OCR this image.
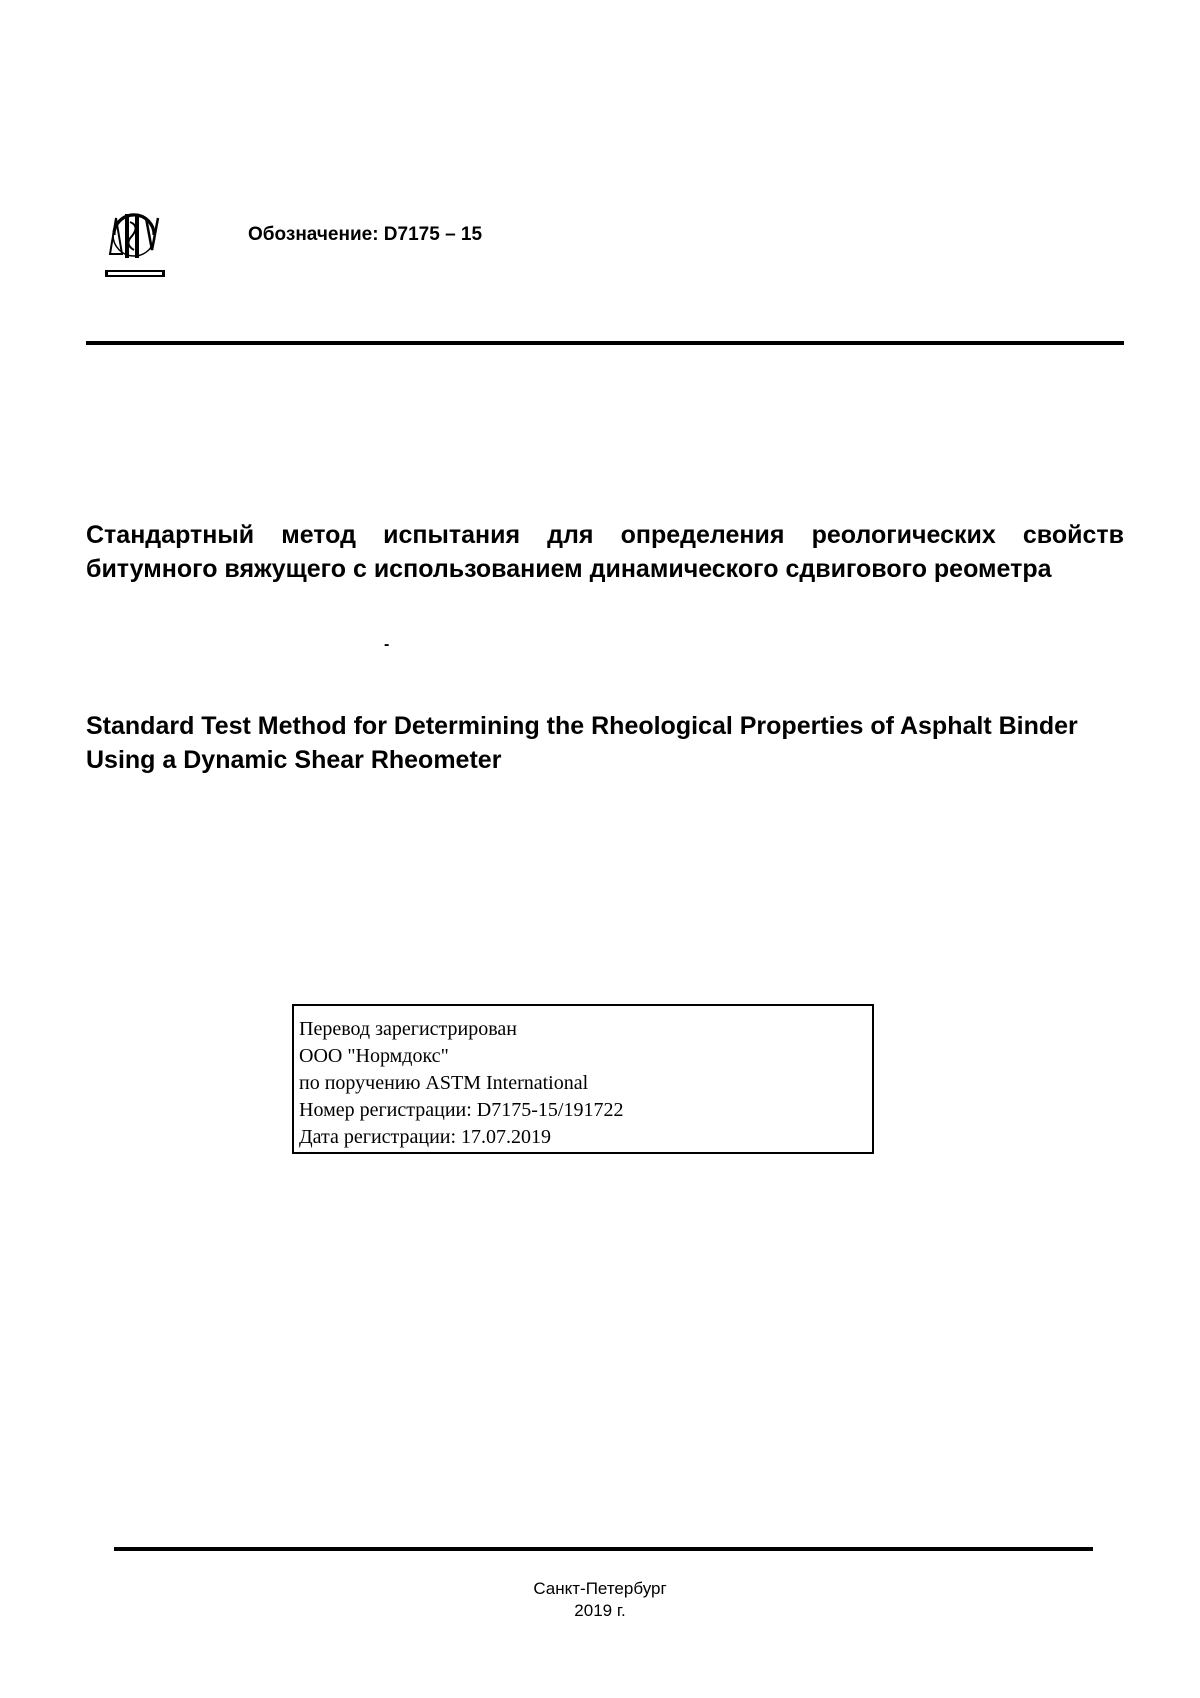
Обозначение: D7175 – 15
Стандартный метод испытания для определения реологических свойств битумного вяжущего с использованием динамического сдвигового реометра
-
Standard Test Method for Determining the Rheological Properties of Asphalt Binder Using a Dynamic Shear Rheometer
Перевод зарегистрирован
ООО "Нормдокс"
по поручению ASTM International
Номер регистрации: D7175-15/191722
Дата регистрации: 17.07.2019
Санкт-Петербург
2019 г.
